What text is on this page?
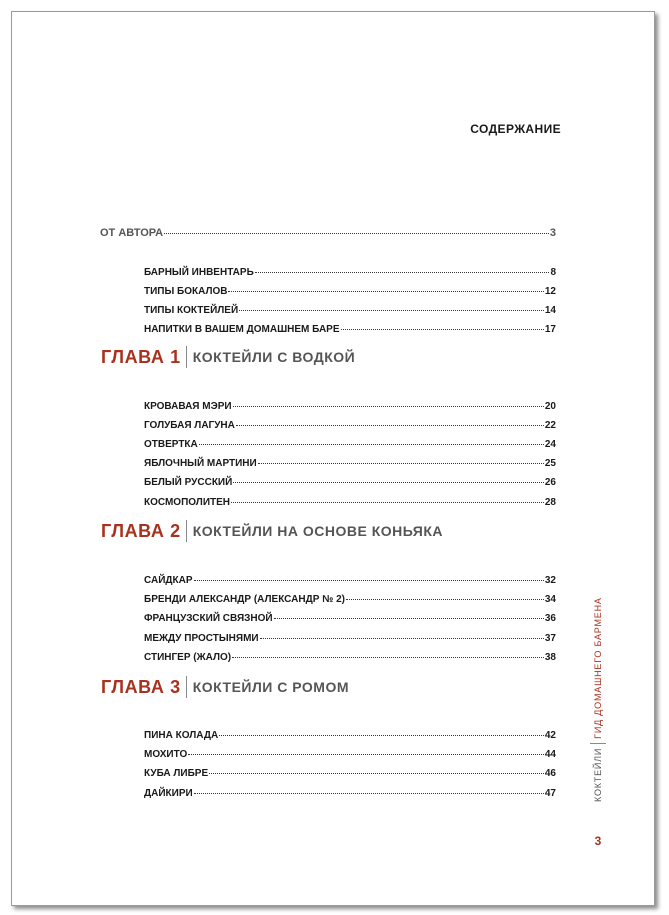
СОДЕРЖАНИЕ
ОТ АВТОРА	3
БАРНЫЙ ИНВЕНТАРЬ	8
ТИПЫ БОКАЛОВ	12
ТИПЫ КОКТЕЙЛЕЙ	14
НАПИТКИ В ВАШЕМ ДОМАШНЕМ БАРЕ	17
ГЛАВА 1 КОКТЕЙЛИ С ВОДКОЙ
КРОВАВАЯ МЭРИ	20
ГОЛУБАЯ ЛАГУНА	22
ОТВЕРТКА	24
ЯБЛОЧНЫЙ МАРТИНИ	25
БЕЛЫЙ РУССКИЙ	26
КОСМОПОЛИТЕН	28
ГЛАВА 2 КОКТЕЙЛИ НА ОСНОВЕ КОНЬЯКА
САЙДКАР	32
БРЕНДИ АЛЕКСАНДР (АЛЕКСАНДР № 2)	34
ФРАНЦУЗСКИЙ СВЯЗНОЙ	36
МЕЖДУ ПРОСТЫНЯМИ	37
СТИНГЕР (ЖАЛО)	38
ГЛАВА 3 КОКТЕЙЛИ С РОМОМ
ПИНА КОЛАДА	42
МОХИТО	44
КУБА ЛИБРЕ	46
ДАЙКИРИ	47	КОКТЕЙЛИ
ГИД ДОМАШНЕГО БАРМЕНА
3
